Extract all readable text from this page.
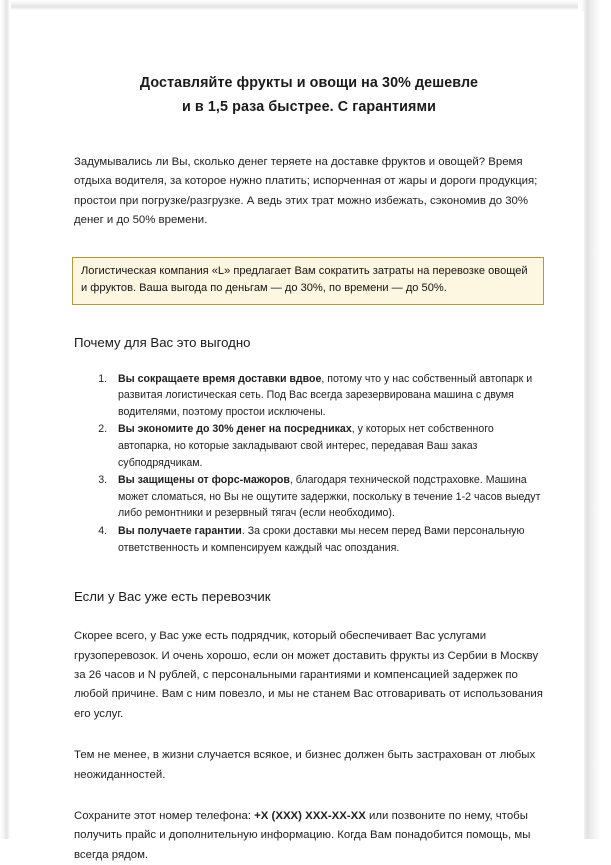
Доставляйте фрукты и овощи на 30% дешевле
и в 1,5 раза быстрее. С гарантиями

Задумывались ли Вы, сколько денег теряете на доставке фруктов и овощей? Время отдыха водителя, за которое нужно платить; испорченная от жары и дороги продукция; простои при погрузке/разгрузке. А ведь этих трат можно избежать, сэкономив до 30% денег и до 50% времени.

Логистическая компания «L» предлагает Вам сократить затраты на перевозке овощей и фруктов. Ваша выгода по деньгам — до 30%, по времени — до 50%.

Почему для Вас это выгодно
1. Вы сокращаете время доставки вдвое, потому что у нас собственный автопарк и развитая логистическая сеть. Под Вас всегда зарезервирована машина с двумя водителями, поэтому простои исключены.
2. Вы экономите до 30% денег на посредниках, у которых нет собственного автопарка, но которые закладывают свой интерес, передавая Ваш заказ субподрядчикам.
3. Вы защищены от форс-мажоров, благодаря технической подстраховке. Машина может сломаться, но Вы не ощутите задержки, поскольку в течение 1-2 часов выедут либо ремонтники и резервный тягач (если необходимо).
4. Вы получаете гарантии. За сроки доставки мы несем перед Вами персональную ответственность и компенсируем каждый час опоздания.
Если у Вас уже есть перевозчик

Скорее всего, у Вас уже есть подрядчик, который обеспечивает Вас услугами грузоперевозок. И очень хорошо, если он может доставить фрукты из Сербии в Москву за 26 часов и N рублей, с персональными гарантиями и компенсацией задержек по любой причине. Вам с ним повезло, и мы не станем Вас отговаривать от использования его услуг.

Тем не менее, в жизни случается всякое, и бизнес должен быть застрахован от любых неожиданностей.

Сохраните этот номер телефона: +X (XXX) XXX-XX-XX или позвоните по нему, чтобы получить прайс и дополнительную информацию. Когда Вам понадобится помощь, мы всегда рядом.
